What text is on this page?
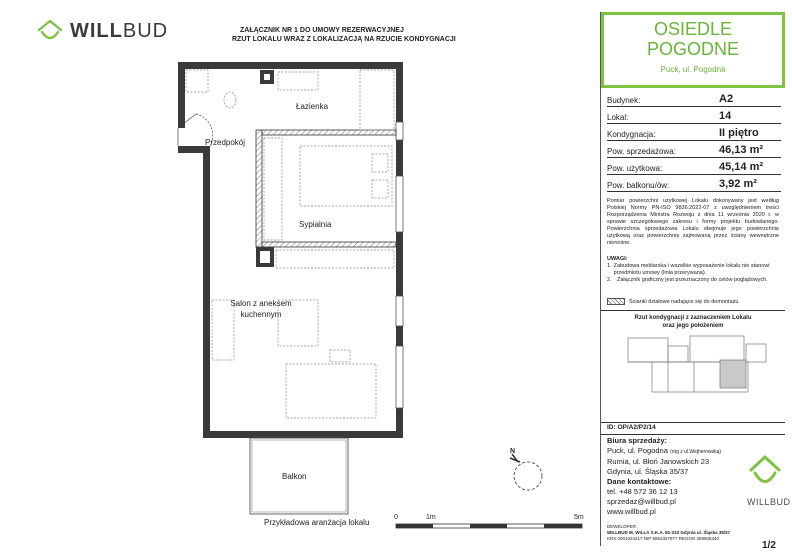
WILLBUD	ZAŁĄCZNIK NR 1 DO UMOWY REZERWACYJNEJ
RZUT LOKALU WRAZ Z LOKALIZACJĄ NA RZUCIE KONDYGNACJI
Łazienka
Przedpokój
Sypialnia
Salon z aneksem
kuchennym
Balkon
Przykładowa aranżacja lokalu
0	1m	5m
N
OSIEDLE
POGODNE
Puck, ul. Pogodna
Budynek:	A2
Lokal:	14
Kondygnacja:	II piętro
Pow. sprzedażowa:	46,13 m²
Pow. użytkowa:	45,14 m²
Pow. balkonu/ów:	3,92 m²
Pomiar powierzchni użytkowej Lokalu dokonywany jest według Polskiej Normy PN-ISO 9836:2022-07 z uwzględnieniem treści Rozporządzenia Ministra Rozwoju z dnia 11 września 2020 r. w sprawie szczegółowego zakresu i formy projektu budowlanego. Powierzchnia sprzedażowa Lokalu obejmuje jego powierzchnię użytkową oraz powierzchnię zajmowaną przez ściany wewnętrzne nienośne.
UWAGI:
1. Zabudowa meblarska i wszelkie wyposażenie lokalu nie stanowi przedmiotu umowy (linia przerywana).
2. Załącznik graficzny jest przeznaczony do celów poglądowych.
Ścianki działowe nadające się do demontażu
Rzut kondygnacji z zaznaczeniem Lokalu
oraz jego położeniem
ID: OP/A2/P2/14
Biura sprzedaży:
Puck, ul. Pogodna (róg z ul.Wejherowską)
Rumia, ul. Błoń Janowskich 23
Gdynia, ul. Śląska 35/37
Dane kontaktowe:
tel. +48 572 36 12 13
sprzedaz@willbud.pl
www.willbud.pl
WILLBUD
DEWELOPER:
WILLBUD M. WILLA S.K.A. 81-310 Gdynia ul. Śląska 35/37
KRS 0001024217 NIP 5862327977 REGON 369506340
1/2
